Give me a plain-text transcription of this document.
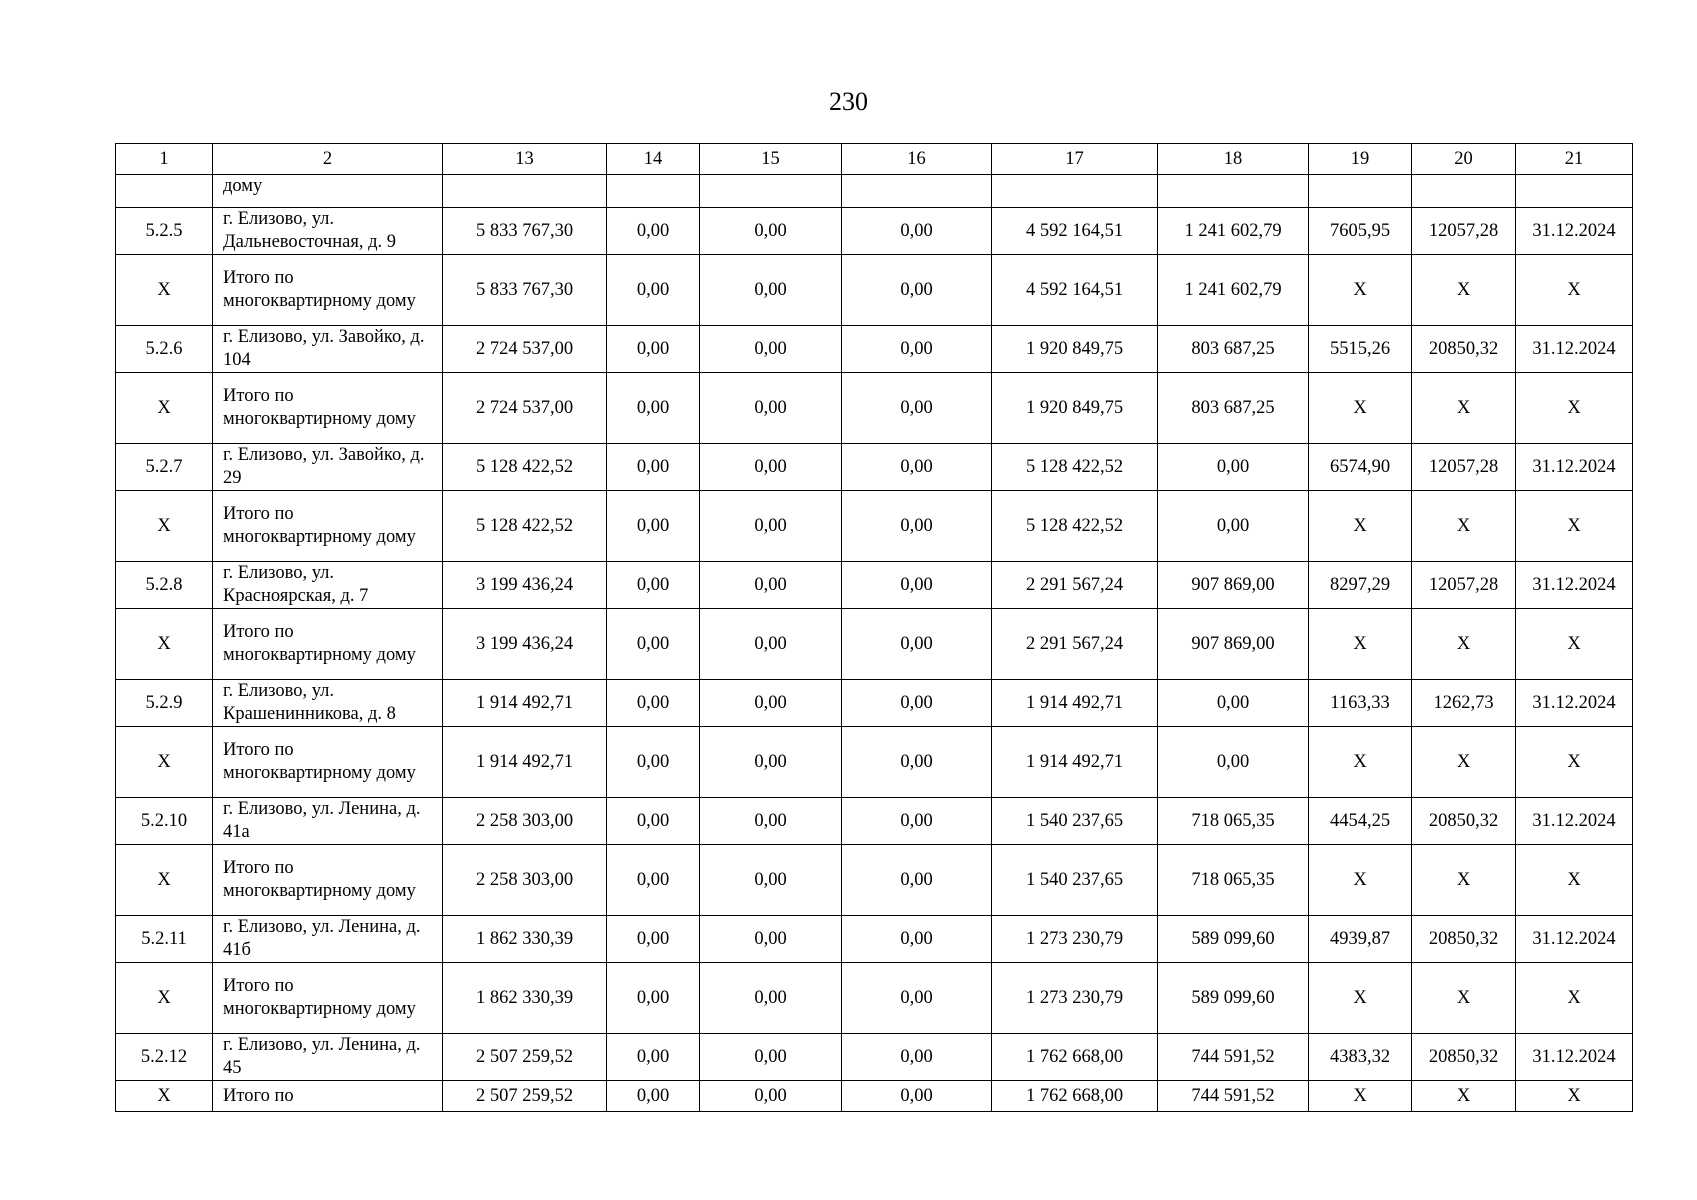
230
1	2	13	14	15	16	17	18	19	20	21
	дому									
5.2.5	г. Елизово, ул. Дальневосточная, д. 9	5 833 767,30	0,00	0,00	0,00	4 592 164,51	1 241 602,79	7605,95	12057,28	31.12.2024
X	Итого по многоквартирному дому	5 833 767,30	0,00	0,00	0,00	4 592 164,51	1 241 602,79	X	X	X
5.2.6	г. Елизово, ул. Завойко, д. 104	2 724 537,00	0,00	0,00	0,00	1 920 849,75	803 687,25	5515,26	20850,32	31.12.2024
X	Итого по многоквартирному дому	2 724 537,00	0,00	0,00	0,00	1 920 849,75	803 687,25	X	X	X
5.2.7	г. Елизово, ул. Завойко, д. 29	5 128 422,52	0,00	0,00	0,00	5 128 422,52	0,00	6574,90	12057,28	31.12.2024
X	Итого по многоквартирному дому	5 128 422,52	0,00	0,00	0,00	5 128 422,52	0,00	X	X	X
5.2.8	г. Елизово, ул. Красноярская, д. 7	3 199 436,24	0,00	0,00	0,00	2 291 567,24	907 869,00	8297,29	12057,28	31.12.2024
X	Итого по многоквартирному дому	3 199 436,24	0,00	0,00	0,00	2 291 567,24	907 869,00	X	X	X
5.2.9	г. Елизово, ул. Крашенинникова, д. 8	1 914 492,71	0,00	0,00	0,00	1 914 492,71	0,00	1163,33	1262,73	31.12.2024
X	Итого по многоквартирному дому	1 914 492,71	0,00	0,00	0,00	1 914 492,71	0,00	X	X	X
5.2.10	г. Елизово, ул. Ленина, д. 41а	2 258 303,00	0,00	0,00	0,00	1 540 237,65	718 065,35	4454,25	20850,32	31.12.2024
X	Итого по многоквартирному дому	2 258 303,00	0,00	0,00	0,00	1 540 237,65	718 065,35	X	X	X
5.2.11	г. Елизово, ул. Ленина, д. 41б	1 862 330,39	0,00	0,00	0,00	1 273 230,79	589 099,60	4939,87	20850,32	31.12.2024
X	Итого по многоквартирному дому	1 862 330,39	0,00	0,00	0,00	1 273 230,79	589 099,60	X	X	X
5.2.12	г. Елизово, ул. Ленина, д. 45	2 507 259,52	0,00	0,00	0,00	1 762 668,00	744 591,52	4383,32	20850,32	31.12.2024
X	Итого по	2 507 259,52	0,00	0,00	0,00	1 762 668,00	744 591,52	X	X	X
